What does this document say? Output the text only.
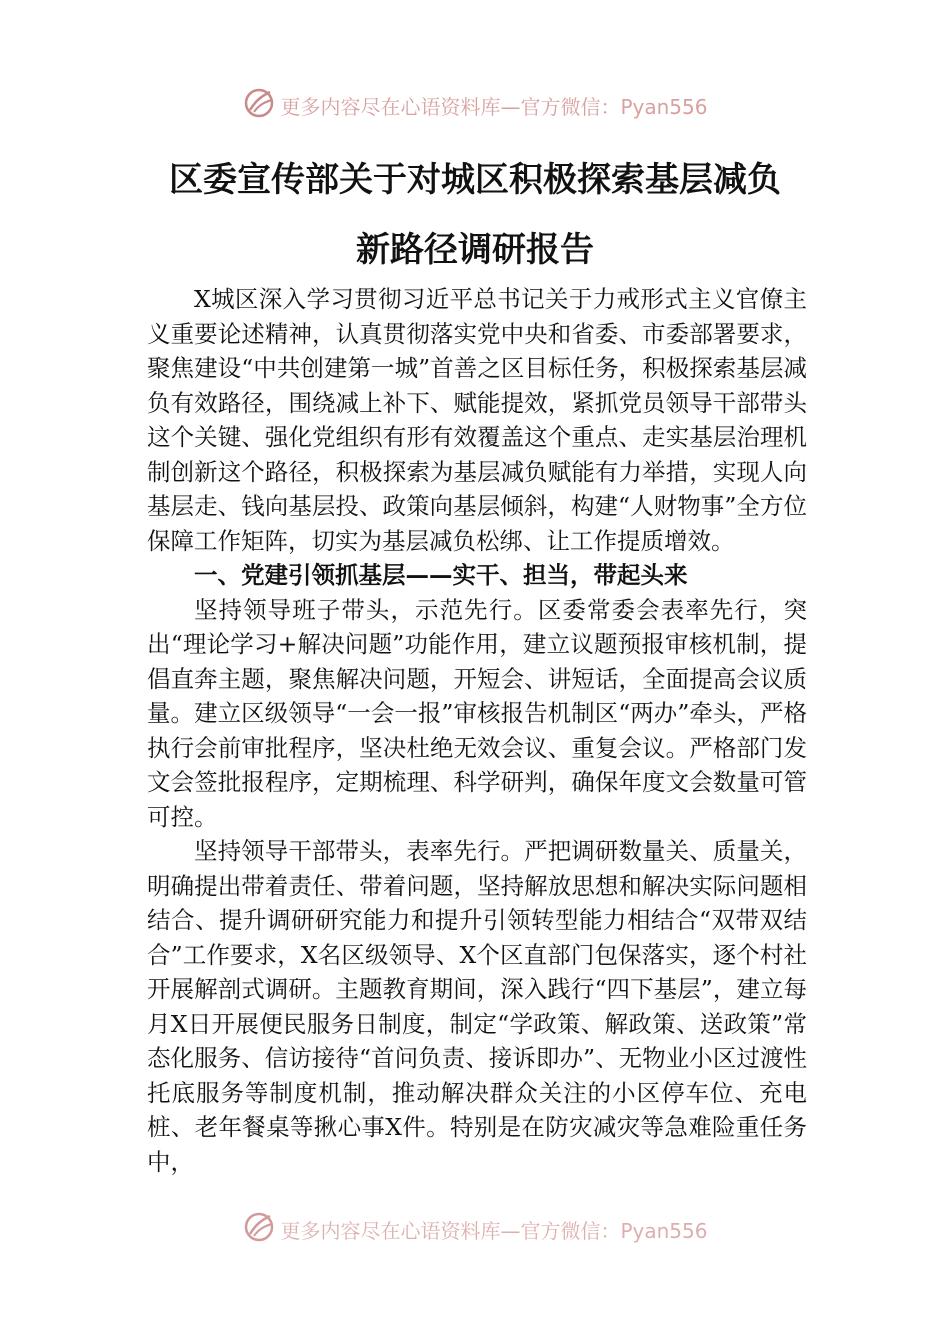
更多内容尽在心语资料库—官方微信：Pyan556
区委宣传部关于对城区积极探索基层减负
新路径调研报告

X城区深入学习贯彻习近平总书记关于力戒形式主义官僚主义重要论述精神，认真贯彻落实党中央和省委、市委部署要求，聚焦建设“中共创建第一城”首善之区目标任务，积极探索基层减负有效路径，围绕减上补下、赋能提效，紧抓党员领导干部带头这个关键、强化党组织有形有效覆盖这个重点、走实基层治理机制创新这个路径，积极探索为基层减负赋能有力举措，实现人向基层走、钱向基层投、政策向基层倾斜，构建“人财物事”全方位保障工作矩阵，切实为基层减负松绑、让工作提质增效。

一、党建引领抓基层——实干、担当，带起头来

坚持领导班子带头，示范先行。区委常委会表率先行，突出“理论学习+解决问题”功能作用，建立议题预报审核机制，提倡直奔主题，聚焦解决问题，开短会、讲短话，全面提高会议质量。建立区级领导“一会一报”审核报告机制区“两办”牵头，严格执行会前审批程序，坚决杜绝无效会议、重复会议。严格部门发文会签批报程序，定期梳理、科学研判，确保年度文会数量可管可控。

坚持领导干部带头，表率先行。严把调研数量关、质量关，明确提出带着责任、带着问题，坚持解放思想和解决实际问题相结合、提升调研研究能力和提升引领转型能力相结合“双带双结合”工作要求，X名区级领导、X个区直部门包保落实，逐个村社开展解剖式调研。主题教育期间，深入践行“四下基层”，建立每月X日开展便民服务日制度，制定“学政策、解政策、送政策”常态化服务、信访接待“首问负责、接诉即办”、无物业小区过渡性托底服务等制度机制，推动解决群众关注的小区停车位、充电桩、老年餐桌等揪心事X件。特别是在防灾减灾等急难险重任务中，

更多内容尽在心语资料库—官方微信：Pyan556
